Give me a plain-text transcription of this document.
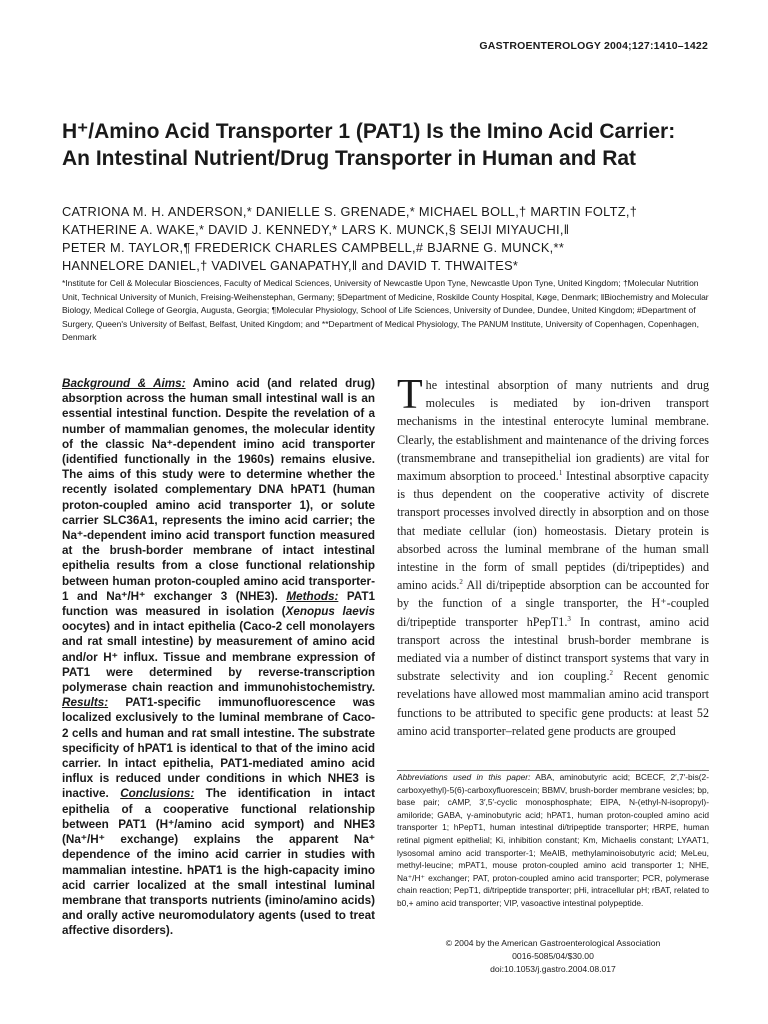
GASTROENTEROLOGY 2004;127:1410–1422
H⁺/Amino Acid Transporter 1 (PAT1) Is the Imino Acid Carrier:
An Intestinal Nutrient/Drug Transporter in Human and Rat
CATRIONA M. H. ANDERSON,* DANIELLE S. GRENADE,* MICHAEL BOLL,† MARTIN FOLTZ,†
KATHERINE A. WAKE,* DAVID J. KENNEDY,* LARS K. MUNCK,§ SEIJI MIYAUCHI,‖
PETER M. TAYLOR,¶ FREDERICK CHARLES CAMPBELL,# BJARNE G. MUNCK,**
HANNELORE DANIEL,† VADIVEL GANAPATHY,‖ and DAVID T. THWAITES*
*Institute for Cell & Molecular Biosciences, Faculty of Medical Sciences, University of Newcastle Upon Tyne, Newcastle Upon Tyne, United Kingdom; †Molecular Nutrition Unit, Technical University of Munich, Freising-Weihenstephan, Germany; §Department of Medicine, Roskilde County Hospital, Køge, Denmark; ‖Biochemistry and Molecular Biology, Medical College of Georgia, Augusta, Georgia; ¶Molecular Physiology, School of Life Sciences, University of Dundee, Dundee, United Kingdom; #Department of Surgery, Queen's University of Belfast, Belfast, United Kingdom; and **Department of Medical Physiology, The PANUM Institute, University of Copenhagen, Copenhagen, Denmark
Background & Aims: Amino acid (and related drug) absorption across the human small intestinal wall is an essential intestinal function. Despite the revelation of a number of mammalian genomes, the molecular identity of the classic Na⁺-dependent imino acid transporter (identified functionally in the 1960s) remains elusive. The aims of this study were to determine whether the recently isolated complementary DNA hPAT1 (human proton-coupled amino acid transporter 1), or solute carrier SLC36A1, represents the imino acid carrier; the Na⁺-dependent imino acid transport function measured at the brush-border membrane of intact intestinal epithelia results from a close functional relationship between human proton-coupled amino acid transporter-1 and Na⁺/H⁺ exchanger 3 (NHE3). Methods: PAT1 function was measured in isolation (Xenopus laevis oocytes) and in intact epithelia (Caco-2 cell monolayers and rat small intestine) by measurement of amino acid and/or H⁺ influx. Tissue and membrane expression of PAT1 were determined by reverse-transcription polymerase chain reaction and immunohistochemistry. Results: PAT1-specific immunofluorescence was localized exclusively to the luminal membrane of Caco-2 cells and human and rat small intestine. The substrate specificity of hPAT1 is identical to that of the imino acid carrier. In intact epithelia, PAT1-mediated amino acid influx is reduced under conditions in which NHE3 is inactive. Conclusions: The identification in intact epithelia of a cooperative functional relationship between PAT1 (H⁺/amino acid symport) and NHE3 (Na⁺/H⁺ exchange) explains the apparent Na⁺ dependence of the imino acid carrier in studies with mammalian intestine. hPAT1 is the high-capacity imino acid carrier localized at the small intestinal luminal membrane that transports nutrients (imino/amino acids) and orally active neuromodulatory agents (used to treat affective disorders).

The intestinal absorption of many nutrients and drug molecules is mediated by ion-driven transport mechanisms in the intestinal enterocyte luminal membrane. Clearly, the establishment and maintenance of the driving forces (transmembrane and transepithelial ion gradients) are vital for maximum absorption to proceed.$^1$ Intestinal absorptive capacity is thus dependent on the cooperative activity of discrete transport processes involved directly in absorption and on those that mediate cellular (ion) homeostasis. Dietary protein is absorbed across the luminal membrane of the human small intestine in the form of small peptides (di/tripeptides) and amino acids.$^2$ All di/tripeptide absorption can be accounted for by the function of a single transporter, the H⁺-coupled di/tripeptide transporter hPepT1.$^3$ In contrast, amino acid transport across the intestinal brush-border membrane is mediated via a number of distinct transport systems that vary in substrate selectivity and ion coupling.$^2$ Recent genomic revelations have allowed most mammalian amino acid transport functions to be attributed to specific gene products: at least 52 amino acid transporter–related gene products are grouped

Abbreviations used in this paper: ABA, aminobutyric acid; BCECF, 2′,7′-bis(2-carboxyethyl)-5(6)-carboxyfluorescein; BBMV, brush-border membrane vesicles; bp, base pair; cAMP, 3′,5′-cyclic monosphosphate; EIPA, N-(ethyl-N-isopropyl)-amiloride; GABA, γ-aminobutyric acid; hPAT1, human proton-coupled amino acid transporter 1; hPepT1, human intestinal di/tripeptide transporter; HRPE, human retinal pigment epithelial; Ki, inhibition constant; Km, Michaelis constant; LYAAT1, lysosomal amino acid transporter-1; MeAIB, methylaminoisobutyric acid; MeLeu, methyl-leucine; mPAT1, mouse proton-coupled amino acid transporter 1; NHE, Na⁺/H⁺ exchanger; PAT, proton-coupled amino acid transporter; PCR, polymerase chain reaction; PepT1, di/tripeptide transporter; pHi, intracellular pH; rBAT, related to b0,+ amino acid transporter; VIP, vasoactive intestinal polypeptide.

© 2004 by the American Gastroenterological Association
0016-5085/04/$30.00
doi:10.1053/j.gastro.2004.08.017
